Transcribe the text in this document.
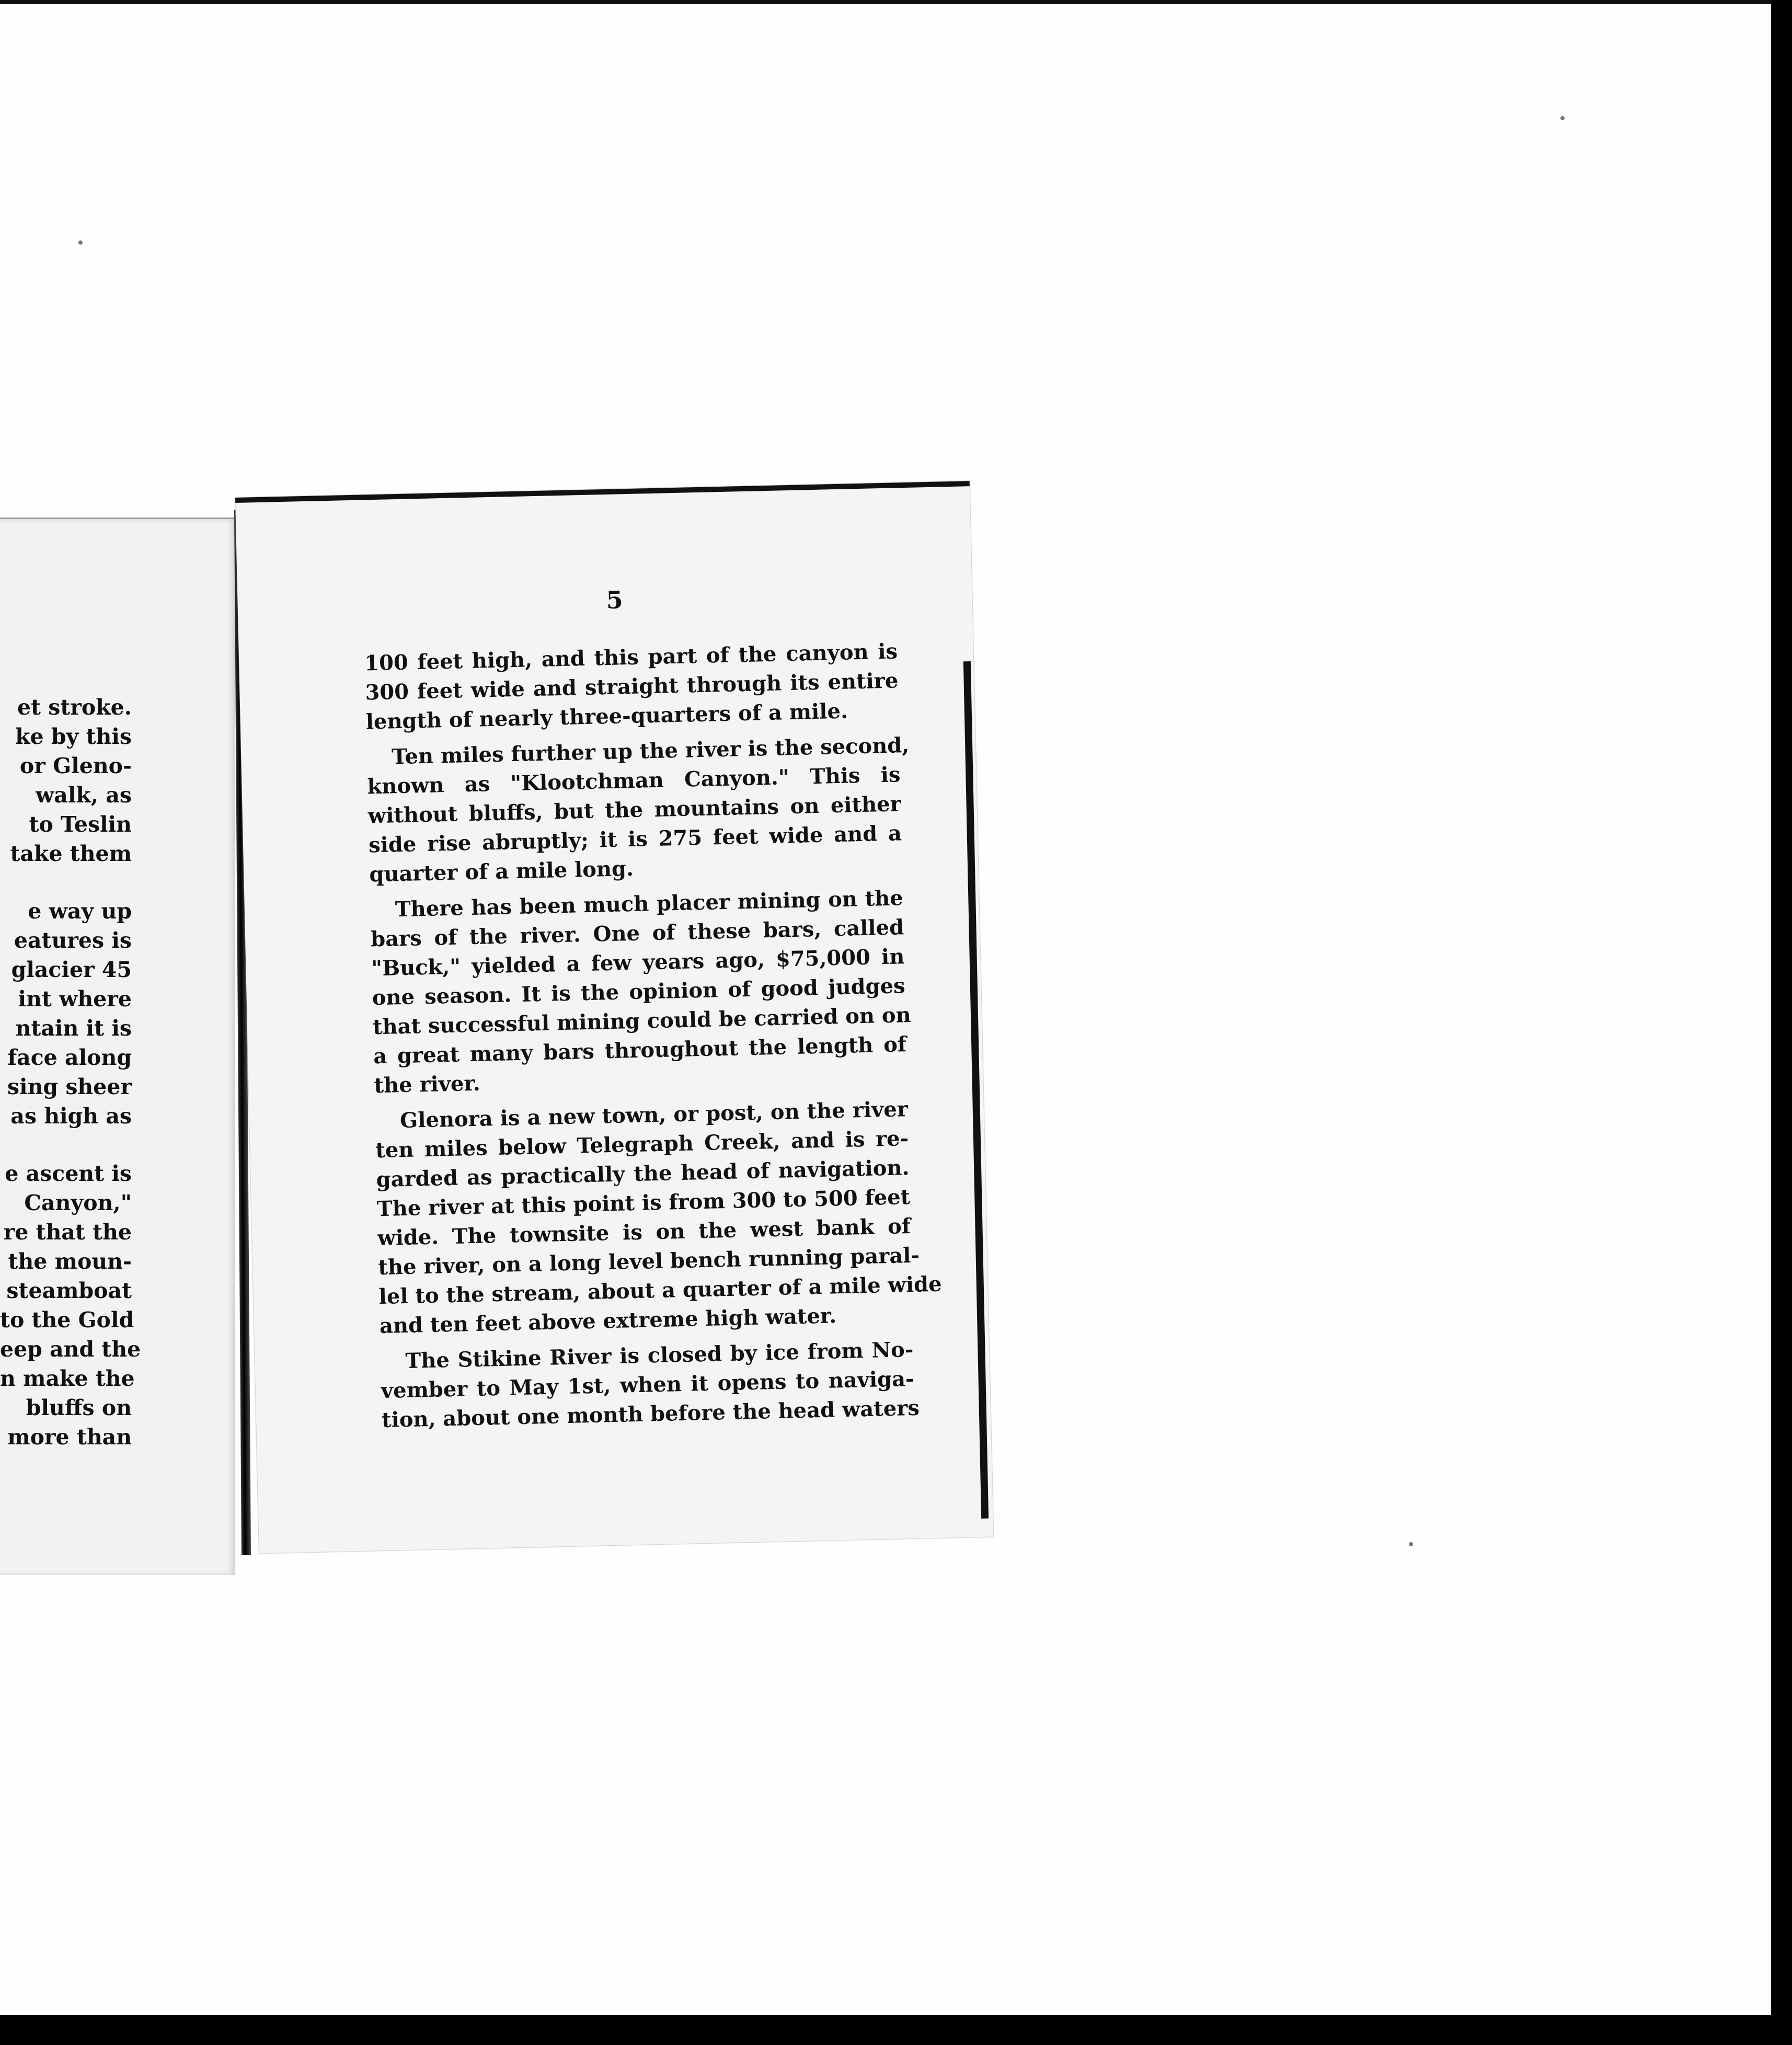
et stroke.
ke by this
or Gleno-
walk, as
to Teslin
take them
e way up
eatures is
glacier 45
int where
ntain it is
face along
sing sheer
as high as
e ascent is
Canyon,"
re that the
the moun-
steamboat
to the Gold
eep and the
n make the
bluffs on
more than
5
100 feet high, and this part of the canyon is
300 feet wide and straight through its entire
length of nearly three-quarters of a mile.
Ten miles further up the river is the second,
known as "Klootchman Canyon." This is
without bluffs, but the mountains on either
side rise abruptly; it is 275 feet wide and a
quarter of a mile long.
There has been much placer mining on the
bars of the river. One of these bars, called
"Buck," yielded a few years ago, $75,000 in
one season. It is the opinion of good judges
that successful mining could be carried on on
a great many bars throughout the length of
the river.
Glenora is a new town, or post, on the river
ten miles below Telegraph Creek, and is re-
garded as practically the head of navigation.
The river at this point is from 300 to 500 feet
wide. The townsite is on the west bank of
the river, on a long level bench running paral-
lel to the stream, about a quarter of a mile wide
and ten feet above extreme high water.
The Stikine River is closed by ice from No-
vember to May 1st, when it opens to naviga-
tion, about one month before the head waters
